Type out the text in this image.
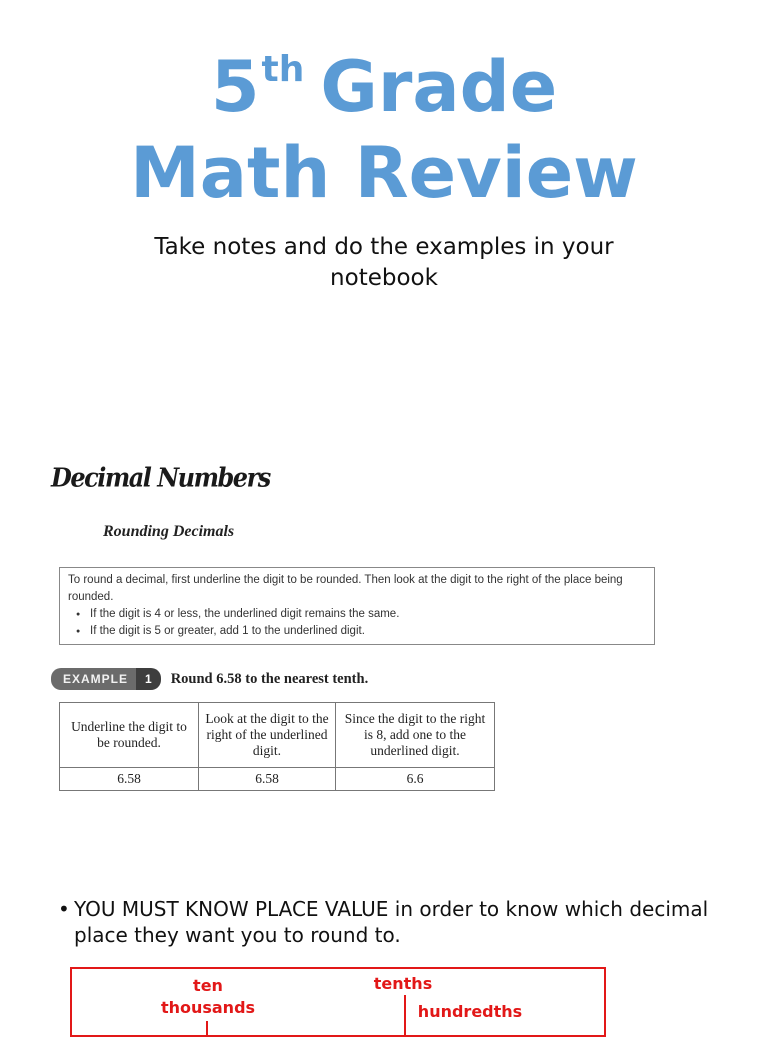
5th Grade
Math Review
Take notes and do the examples in your notebook
Decimal Numbers
Rounding Decimals
To round a decimal, first underline the digit to be rounded. Then look at the digit to the right of the place being rounded.
● If the digit is 4 or less, the underlined digit remains the same.
● If the digit is 5 or greater, add 1 to the underlined digit.
EXAMPLE	1	Round 6.58 to the nearest tenth.
Underline the digit to be rounded.	Look at the digit to the right of the underlined digit.	Since the digit to the right is 8, add one to the underlined digit.
6.58	6.58	6.6
• YOU MUST KNOW PLACE VALUE in order to know which decimal place they want you to round to.
ten thousands
tenths
hundredths
